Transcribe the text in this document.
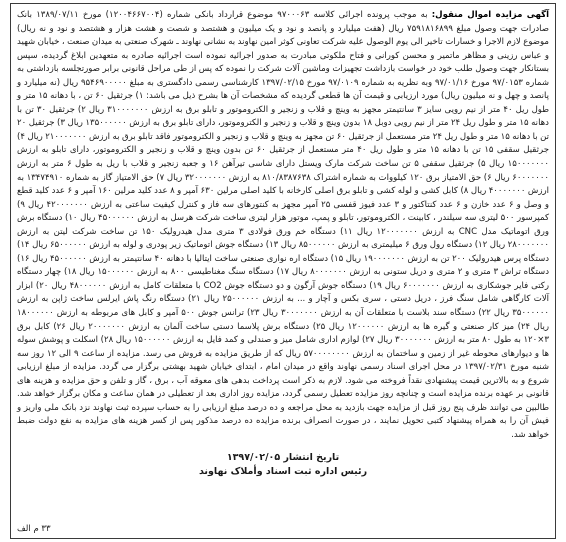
آگهی مزایده اموال منقول: به موجب پرونده اجرائی کلاسه ۹۷۰۰۰۶۳ موضوع قرارداد بانکی شماره (۱۲۰۰۴۶۶۷۰۰۴) مورخ ۱۳۸۹/۰۷/۱۱ بانک صادرات جهت وصول مبلغ ۷۵۹۱۸۱۶۸۹۹ ریال (هفت میلیارد و پانصد و نود و یک میلیون و هشتصد و شصت و هشت هزار و هشتصد و نود و نه ریال) موضوع لازم الاجرا و خسارات تاخیر الی یوم الوصول علیه شرکت تعاونی کوثر امین نهاوند به نشانی نهاوند ـ شهرک صنعتی به میدان صنعت ، خیابان شهید و عباس رزینی و مظاهر ماتمیر و محسن کورانی و فتاح ملکوتی مبادرت به صدور اجرائیه نموده است اجرائیه صادره به متعهدین ابلاغ گردیده، سپس بستانکار جهت وصول طلب خود در خواست بازداشت تجهیزات وماشین آلات شرکت را نموده که پس از طی مراحل قانونی برابر صورتجلسه بازداشتی به شماره ۹۷/۰۱۵۳ مورخ ۹۷/۰۱/۱۶ وبه نظریه به شماره ۹۷/۰۱۰۹ مورخ ۱۳۹۷/۰۲/۱۵ کارشناسی رسمی دادگستری به مبلغ ۹۵۴۶۹۰۰۰۰۰ ریال (نه میلیارد و پانصد و چهل و نه میلیون ریال) مورد ارزیابی و قیمت آن ها قطعی گردیده که مشخصات آن ها بشرح ذیل می باشد: ۱) جرثقیل ۶۰ تن ، با دهانه ۱۵ متر و طول ریل ۴۰ متر از نیم رویی سایز ۳ سانتیمتر مجهز به وینچ و قلاب و زنجیر و الکتروموتور و تابلو برق به ارزش ۳۱۰۰۰۰۰۰۰ ریال ۲) جرثقیل ۳۰ تن با دهانه ۱۵ متر و طول ریل ۲۴ متر از نیم رویی دوبل ۱۸ بدون وینچ و قلاب و زنجیر و الکتروموتور، دارای تابلو برق به ارزش ۱۳۵۰۰۰۰۰۰ ریال ۳) جرثقیل ۲۰ تن با دهانه ۱۵ متر و طول ریل ۲۴ متر مستعمل از جرثقیل ۶۰ تن مجهز به وینچ و قلاب و زنجیر و الکتروموتور فاقد تابلو برق به ارزش ۲۱۰۰۰۰۰۰۰ ریال ۴) جرثقیل سقفی ۱۵ تن با دهانه ۱۵ متر و طول ریل ۴۰ متر مستعمل از جرثقیل ۶۰ تن بدون وینچ و قلاب و زنجیر و الکتروموتور، دارای تابلو به ارزش ۱۵۰۰۰۰۰۰۰ ریال ۵) جرثقیل سقفی ۵ تن ساخت شرکت مارک ویستل دارای شاسی تیرآهن ۱۶ و جعبه زنجیر و قلاب با ریل به طول ۶ متر به ارزش ۶۰۰۰۰۰۰۰ ریال ۶) حق الامتیاز برق ۱۲۰ کیلووات به شماره اشتراک ۸۱۰/۸۳۸۷۶۳۸ به ارزش ۳۲۰۰۰۰۰۰۰ ریال ۷) حق الامتیاز گاز به شماره ۱۳۴۷۴۹۱۰ به ارزش ۴۰۰۰۰۰۰۰ ریال ۸) کابل کشی و لوله کشی و تابلو برق اصلی کارخانه با کلید اصلی مرلین ۶۳۰ آمپر و ۸ عدد کلید مرلین ۱۶۰ آمپر و ۶ عدد کلید قطع و وصل و ۶ عدد خازن و ۶ عدد کنتاکتور و ۳ عدد فیوز قفسی ۲۵ آمپر مجهز به کنتورهای سه فاز و کنترل کیفیت ساعتی به ارزش ۴۲۰۰۰۰۰۰۰ ریال ۹) کمپرسور ۵۰۰ لیتری سه سیلندر ، کابینت ، الکتروموتور، تابلو و پمپ، موتور هزار لیتری ساخت شرکت هرسل به ارزش ۴۵۰۰۰۰۰۰ ریال ۱۰) دستگاه برش ورق اتوماتیک مدل CNC به ارزش ۱۲۰۰۰۰۰۰۰ ریال ۱۱) دستگاه خم ورق فولادی ۳ متری مدل هیدرولیک ۱۵۰ تن ساخت شرکت لیتن به ارزش ۲۸۰۰۰۰۰۰۰ ریال ۱۲) دستگاه رول ورق ۶ میلیمتری به ارزش ۸۵۰۰۰۰۰۰ ریال ۱۳) دستگاه جوش اتوماتیک زیر پودری و لوله به ارزش ۶۵۰۰۰۰۰۰ ریال ۱۴) دستگاه پرس هیدرولیک ۲۰۰ تن به ارزش ۱۹۰۰۰۰۰۰۰ ریال ۱۵) دستگاه اره نواری صنعتی ساخت ایتالیا با دهانه ۴۰ سانتیمتر به ارزش ۴۵۰۰۰۰۰۰ ریال ۱۶) دستگاه تراش ۳ متری و ۲ متری و دریل ستونی به ارزش ۸۰۰۰۰۰۰۰ ریال ۱۷) دستگاه سنگ مغناطیسی ۸۰۰ به ارزش ۱۵۰۰۰۰۰۰ ریال ۱۸) چهار دستگاه رکتی فایر جوشکاری به ارزش ۶۰۰۰۰۰۰۰ ریال ۱۹) دستگاه جوش آرگون و دو دستگاه جوش CO2 با متعلقات کامل به ارزش ۴۸۰۰۰۰۰۰ ریال ۲۰) ابزار آلات کارگاهی شامل سنگ فرز ، دریل دستی ، سری بکس و آچار و ... به ارزش ۲۵۰۰۰۰۰۰ ریال ۲۱) دستگاه رنگ پاش ایرلس ساخت ژاپن به ارزش ۳۵۰۰۰۰۰۰ ریال ۲۲) دستگاه سند بلاست با متعلقات آن به ارزش ۳۰۰۰۰۰۰۰ ریال ۲۳) ترانس جوش ۵۰۰ آمپر و کابل های مربوطه به ارزش ۱۸۰۰۰۰۰۰ ریال ۲۴) میز کار صنعتی و گیره ها به ارزش ۱۲۰۰۰۰۰۰ ریال ۲۵) دستگاه برش پلاسما دستی ساخت آلمان به ارزش ۲۰۰۰۰۰۰۰ ریال ۲۶) کابل برق ۳×۱۲۰ به طول ۸۰ متر به ارزش ۳۰۰۰۰۰۰۰ ریال ۲۷) لوازم اداری شامل میز و صندلی و کمد فایل به ارزش ۱۵۰۰۰۰۰۰ ریال ۲۸) اسکلت و پوشش سوله ها و دیوارهای محوطه غیر از زمین و ساختمان به ارزش ۵۷۰۰۰۰۰۰۰۰ ریال که از طریق مزایده به فروش می رسد. مزایده از ساعت ۹ الی ۱۲ روز سه شنبه مورخ ۱۳۹۷/۰۲/۳۱ در محل اجرای اسناد رسمی نهاوند واقع در میدان امام ، ابتدای خیابان شهید بهشتی برگزار می گردد. مزایده از مبلغ ارزیابی شروع و به بالاترین قیمت پیشنهادی نقداً فروخته می شود. لازم به ذکر است پرداخت بدهی های معوقه آب ، برق ، گاز و تلفن و حق مزایده و هزینه های قانونی بر عهده برنده مزایده است و چنانچه روز مزایده تعطیل رسمی گردد، مزایده روز اداری بعد از تعطیلی در همان ساعت و مکان برگزار خواهد شد. طالبین می توانند ظرف پنج روز قبل از مزایده جهت بازدید به محل مراجعه و ده درصد مبلغ ارزیابی را به حساب سپرده ثبت نهاوند نزد بانک ملی واریز و فیش آن را به همراه پیشنهاد کتبی تحویل نمایند ، در صورت انصراف برنده مزایده ده درصد مذکور پس از کسر هزینه های مزایده به نفع دولت ضبط خواهد شد.

تاریخ انتشار ۱۳۹۷/۰۲/۰۵
رئیس اداره ثبت اسناد وأملاک نهاوند
۳۳ م الف
